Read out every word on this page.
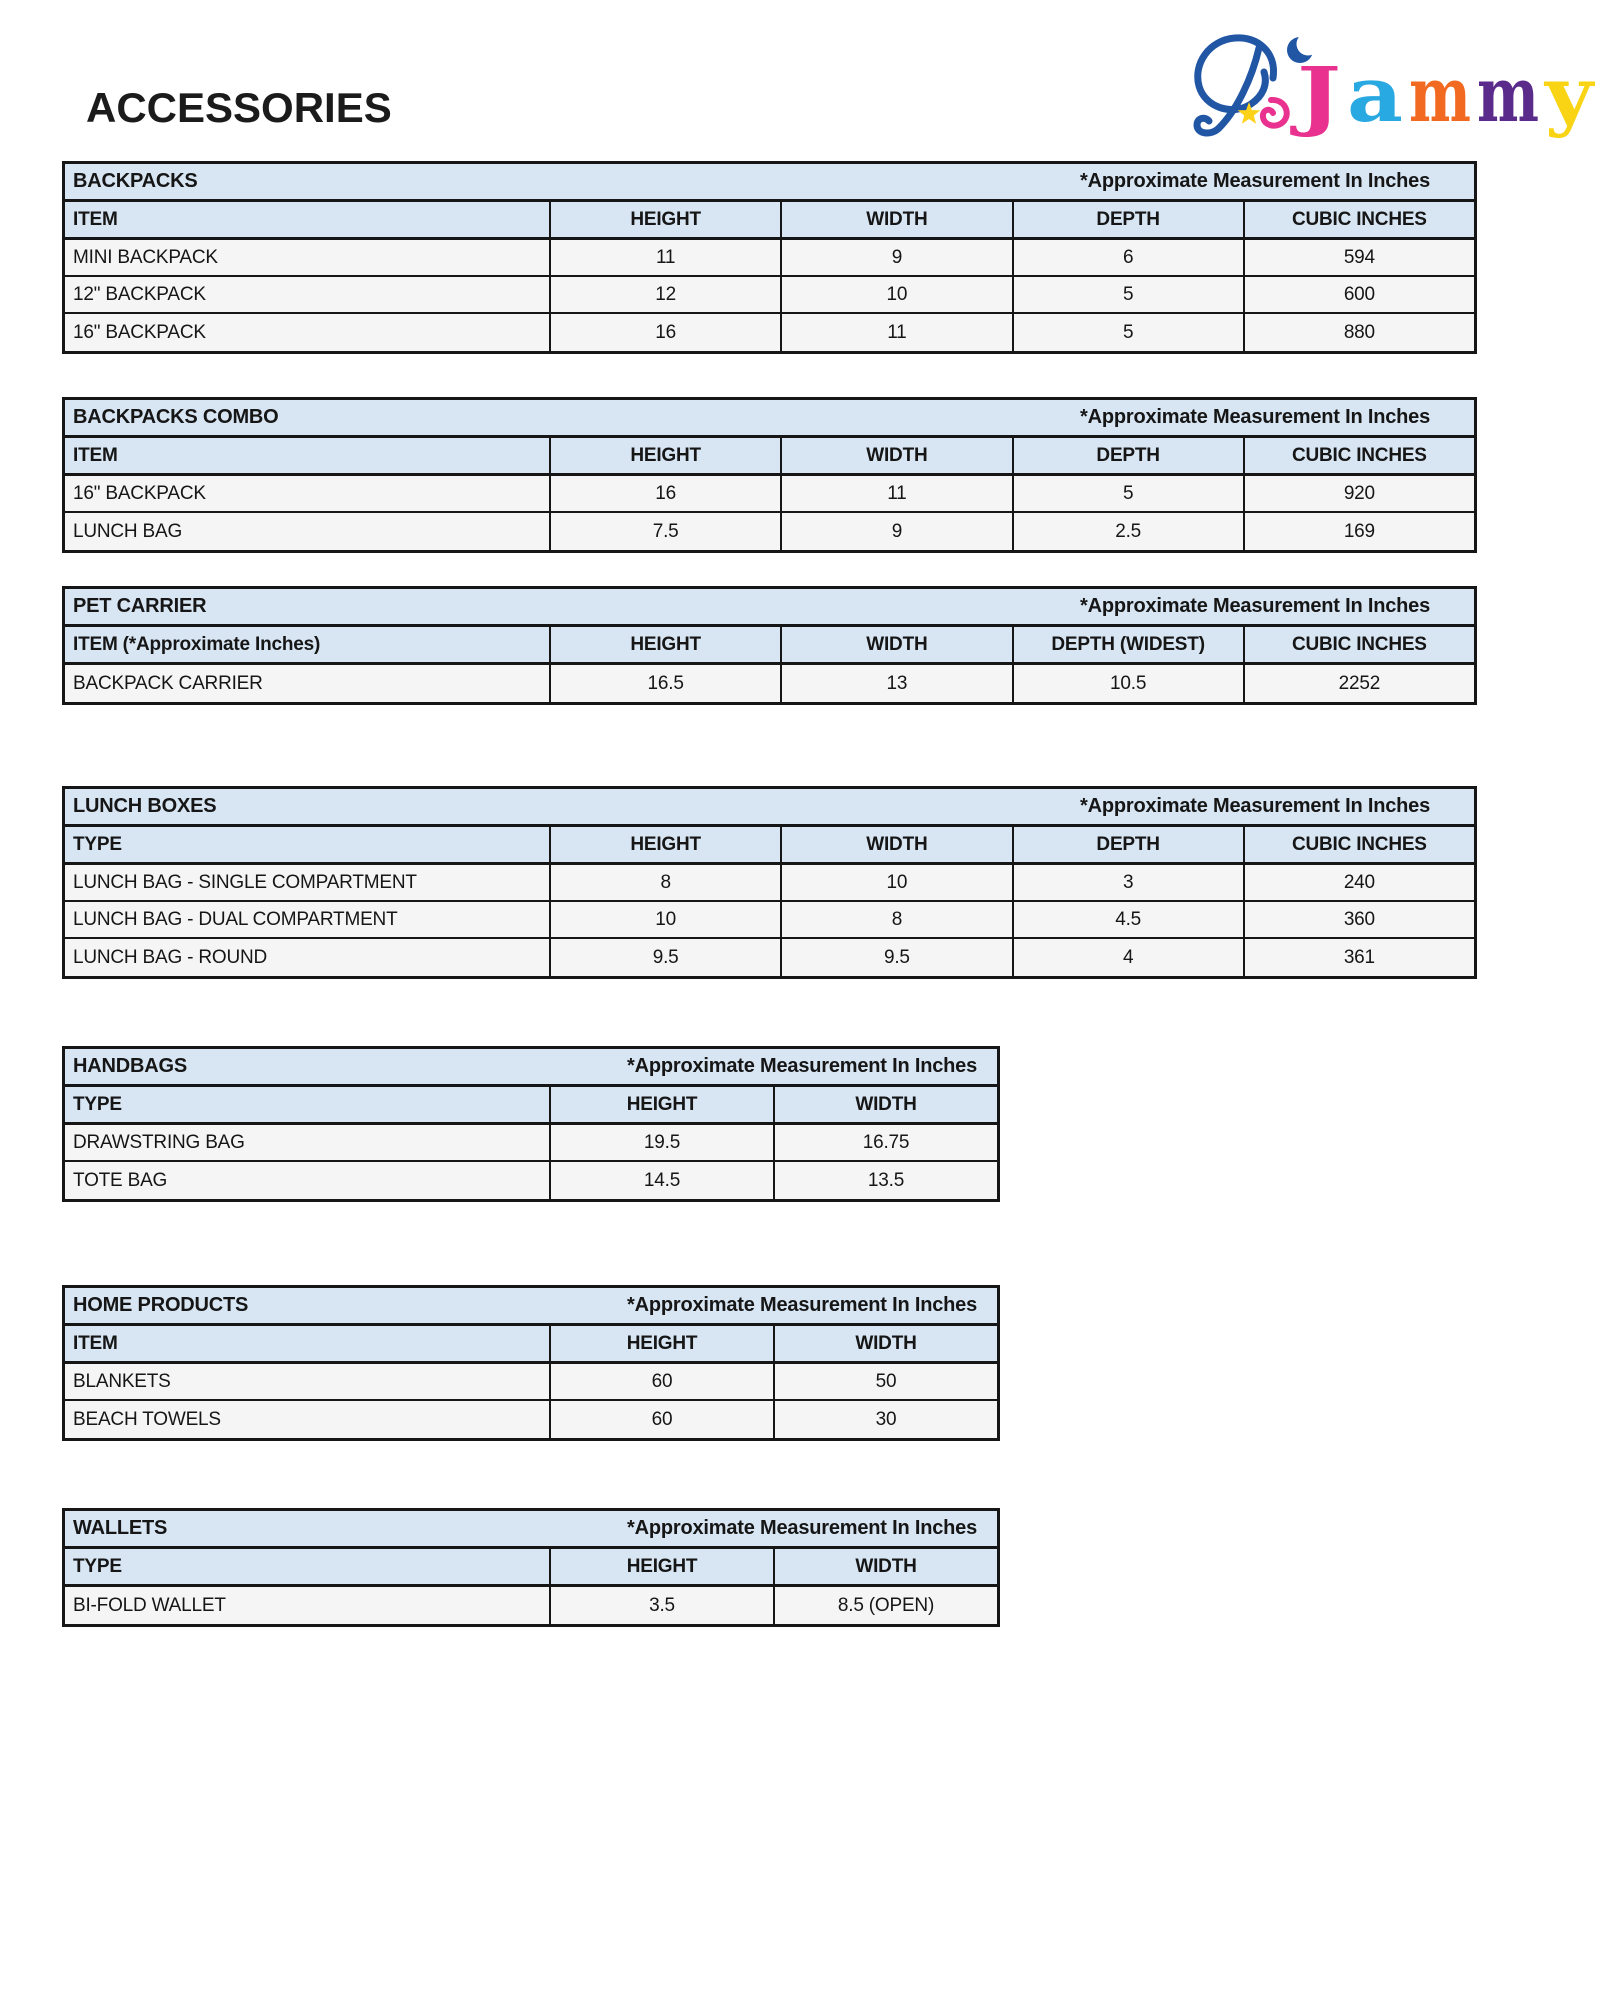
ACCESSORIES	J a m m y
BACKPACKS	*Approximate Measurement In Inches
ITEM	HEIGHT	WIDTH	DEPTH	CUBIC INCHES
MINI BACKPACK	11	9	6	594
12" BACKPACK	12	10	5	600
16" BACKPACK	16	11	5	880
BACKPACKS COMBO	*Approximate Measurement In Inches
ITEM	HEIGHT	WIDTH	DEPTH	CUBIC INCHES
16" BACKPACK	16	11	5	920
LUNCH BAG	7.5	9	2.5	169
PET CARRIER	*Approximate Measurement In Inches
ITEM (*Approximate Inches)	HEIGHT	WIDTH	DEPTH (WIDEST)	CUBIC INCHES
BACKPACK CARRIER	16.5	13	10.5	2252
LUNCH BOXES	*Approximate Measurement In Inches
TYPE	HEIGHT	WIDTH	DEPTH	CUBIC INCHES
LUNCH BAG - SINGLE COMPARTMENT	8	10	3	240
LUNCH BAG - DUAL COMPARTMENT	10	8	4.5	360
LUNCH BAG - ROUND	9.5	9.5	4	361
HANDBAGS	*Approximate Measurement In Inches
TYPE	HEIGHT	WIDTH
DRAWSTRING BAG	19.5	16.75
TOTE BAG	14.5	13.5
HOME PRODUCTS	*Approximate Measurement In Inches
ITEM	HEIGHT	WIDTH
BLANKETS	60	50
BEACH TOWELS	60	30
WALLETS	*Approximate Measurement In Inches
TYPE	HEIGHT	WIDTH
BI-FOLD WALLET	3.5	8.5 (OPEN)
